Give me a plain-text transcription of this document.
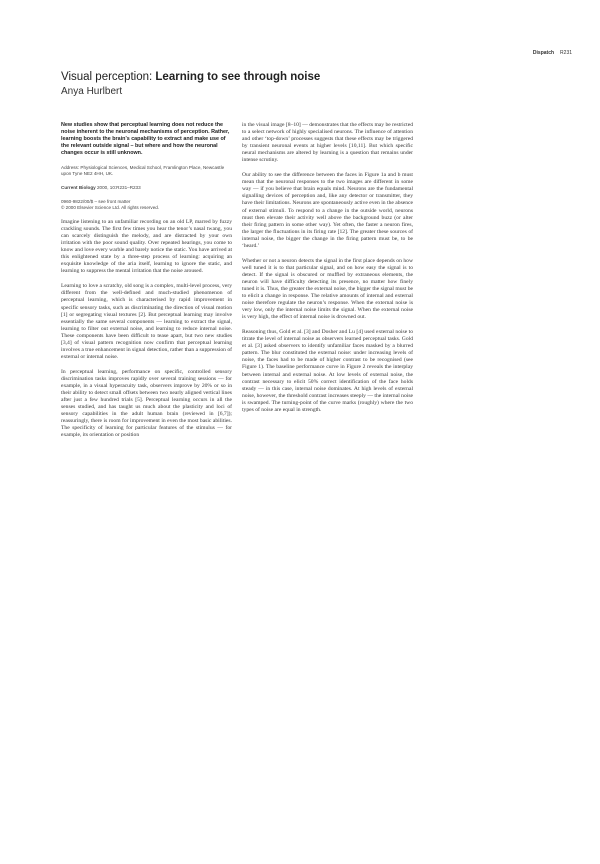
Dispatch R231
Visual perception: Learning to see through noise
Anya Hurlbert

New studies show that perceptual learning does not reduce the noise inherent to the neuronal mechanisms of perception. Rather, learning boosts the brain’s capability to extract and make use of the relevant outside signal – but where and how the neuronal changes occur is still unknown.

Address: Physiological Sciences, Medical School, Framlington Place, Newcastle upon Tyne NE2 4HH, UK.
Current Biology 2000, 10:R231–R233
0960-9822/00/$ – see front matter
© 2000 Elsevier Science Ltd. All rights reserved.

Imagine listening to an unfamiliar recording on an old LP, marred by fuzzy crackling sounds. The first few times you hear the tenor’s nasal twang, you can scarcely distinguish the melody, and are distracted by your own irritation with the poor sound quality. Over repeated hearings, you come to know and love every warble and barely notice the static. You have arrived at this enlightened state by a three-step process of learning: acquiring an exquisite knowledge of the aria itself, learning to ignore the static, and learning to suppress the mental irritation that the noise aroused.

Learning to love a scratchy, old song is a complex, multi-level process, very different from the well-defined and much-studied phenomenon of perceptual learning, which is characterised by rapid improvement in specific sensory tasks, such as discriminating the direction of visual motion [1] or segregating visual textures [2]. But perceptual learning may involve essentially the same several components — learning to extract the signal, learning to filter out external noise, and learning to reduce internal noise. These components have been difficult to tease apart, but two new studies [3,4] of visual pattern recognition now confirm that perceptual learning involves a true enhancement in signal detection, rather than a suppression of external or internal noise.

In perceptual learning, performance on specific, controlled sensory discrimination tasks improves rapidly over several training sessions — for example, in a visual hyperacuity task, observers improve by 20% or so in their ability to detect small offsets between two nearly aligned vertical lines after just a few hundred trials [5]. Perceptual learning occurs in all the senses studied, and has taught us much about the plasticity and loci of sensory capabilities in the adult human brain (reviewed in [6,7]); reassuringly, there is room for improvement in even the most basic abilities. The specificity of learning for particular features of the stimulus — for example, its orientation or position

in the visual image [8–10] — demonstrates that the effects may be restricted to a select network of highly specialised neurons. The influence of attention and other ‘top-down’ processes suggests that these effects may be triggered by transient neuronal events at higher levels [10,11]. But which specific neural mechanisms are altered by learning is a question that remains under intense scrutiny.

Our ability to see the difference between the faces in Figure 1a and b must mean that the neuronal responses to the two images are different in some way — if you believe that brain equals mind. Neurons are the fundamental signalling devices of perception and, like any detector or transmitter, they have their limitations. Neurons are spontaneously active even in the absence of external stimuli. To respond to a change in the outside world, neurons must then elevate their activity well above the background buzz (or alter their firing pattern in some other way). Yet often, the faster a neuron fires, the larger the fluctuations in its firing rate [12]. The greater these sources of internal noise, the bigger the change in the firing pattern must be, to be ‘heard.’

Whether or not a neuron detects the signal in the first place depends on how well tuned it is to that particular signal, and on how easy the signal is to detect. If the signal is obscured or muffled by extraneous elements, the neuron will have difficulty detecting its presence, no matter how finely tuned it is. Thus, the greater the external noise, the bigger the signal must be to elicit a change in response. The relative amounts of internal and external noise therefore regulate the neuron’s response. When the external noise is very low, only the internal noise limits the signal. When the external noise is very high, the effect of internal noise is drowned out.

Reasoning thus, Gold et al. [3] and Dosher and Lu [4] used external noise to titrate the level of internal noise as observers learned perceptual tasks. Gold et al. [3] asked observers to identify unfamiliar faces masked by a blurred pattern. The blur constituted the external noise: under increasing levels of noise, the faces had to be made of higher contrast to be recognised (see Figure 1). The baseline performance curve in Figure 2 reveals the interplay between internal and external noise. At low levels of external noise, the contrast necessary to elicit 50% correct identification of the face holds steady — in this case, internal noise dominates. At high levels of external noise, however, the threshold contrast increases steeply — the internal noise is swamped. The turning-point of the curve marks (roughly) where the two types of noise are equal in strength.
